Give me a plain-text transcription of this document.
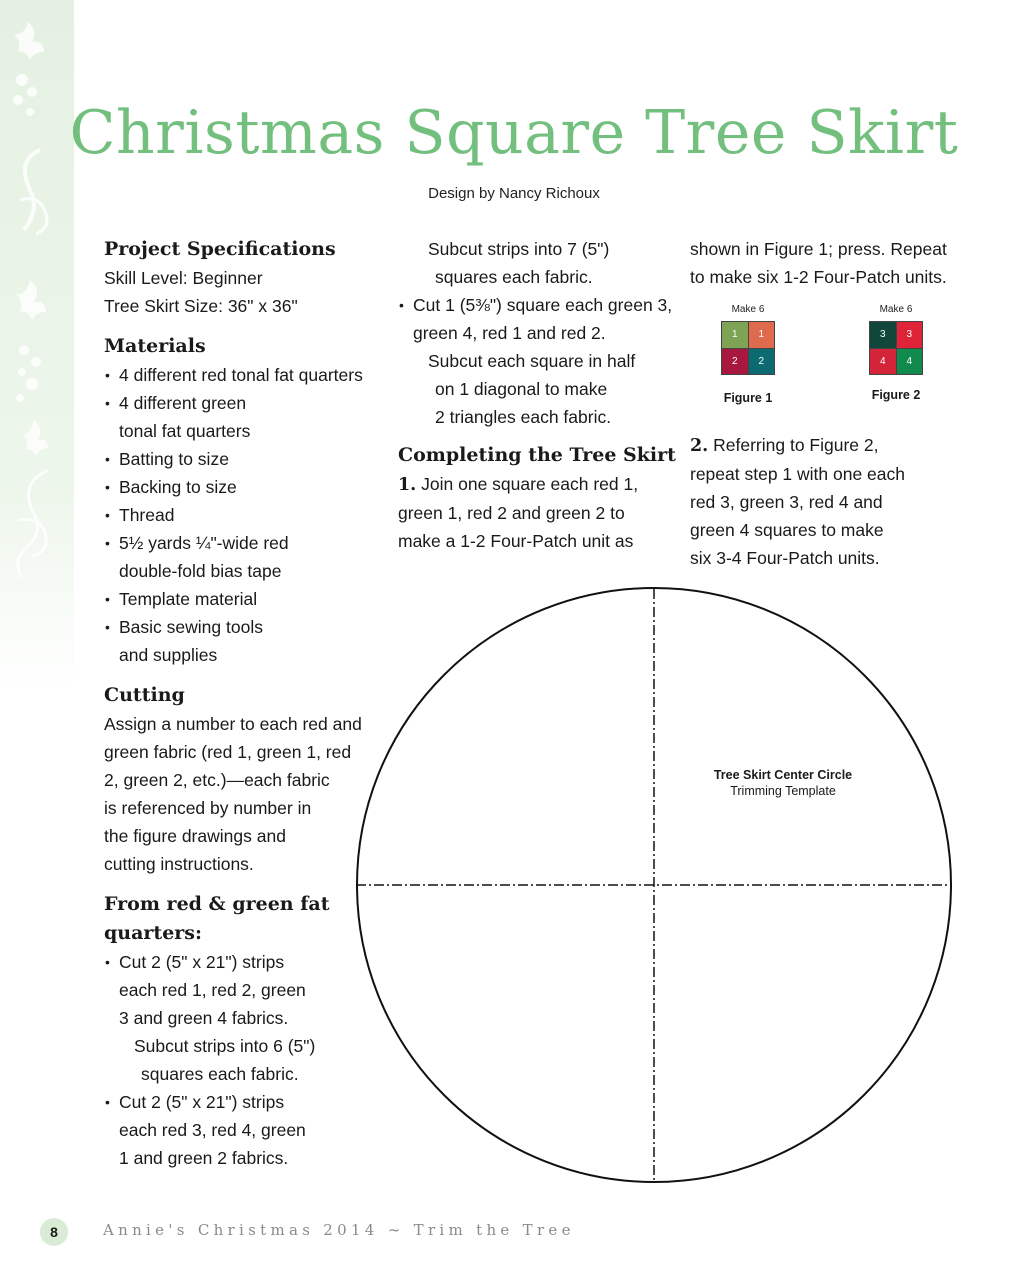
Christmas Square Tree Skirt
Design by Nancy Richoux
Project Specifications
Skill Level: Beginner
Tree Skirt Size: 36" x 36"
Materials
• 4 different red tonal fat quarters
• 4 different green
tonal fat quarters
• Batting to size
• Backing to size
• Thread
• 5½ yards ¼"-wide red
double-fold bias tape
• Template material
• Basic sewing tools
and supplies
Cutting
Assign a number to each red and
green fabric (red 1, green 1, red
2, green 2, etc.)—each fabric
is referenced by number in
the figure drawings and
cutting instructions.
From red & green fat
quarters:
• Cut 2 (5" x 21") strips
each red 1, red 2, green
3 and green 4 fabrics.
Subcut strips into 6 (5")
squares each fabric.
• Cut 2 (5" x 21") strips
each red 3, red 4, green
1 and green 2 fabrics.
Subcut strips into 7 (5")
squares each fabric.
• Cut 1 (5⅜") square each green 3,
green 4, red 1 and red 2.
Subcut each square in half
on 1 diagonal to make
2 triangles each fabric.
Completing the Tree Skirt
1. Join one square each red 1,
green 1, red 2 and green 2 to
make a 1-2 Four-Patch unit as
shown in Figure 1; press. Repeat
to make six 1-2 Four-Patch units.
2. Referring to Figure 2,
repeat step 1 with one each
red 3, green 3, red 4 and
green 4 squares to make
six 3-4 Four-Patch units.
Make 6
1	1
2	2
Figure 1
Make 6
3	3
4	4
Figure 2
Tree Skirt Center Circle
Trimming Template
8	Annie's Christmas 2014 ~ Trim the Tree
